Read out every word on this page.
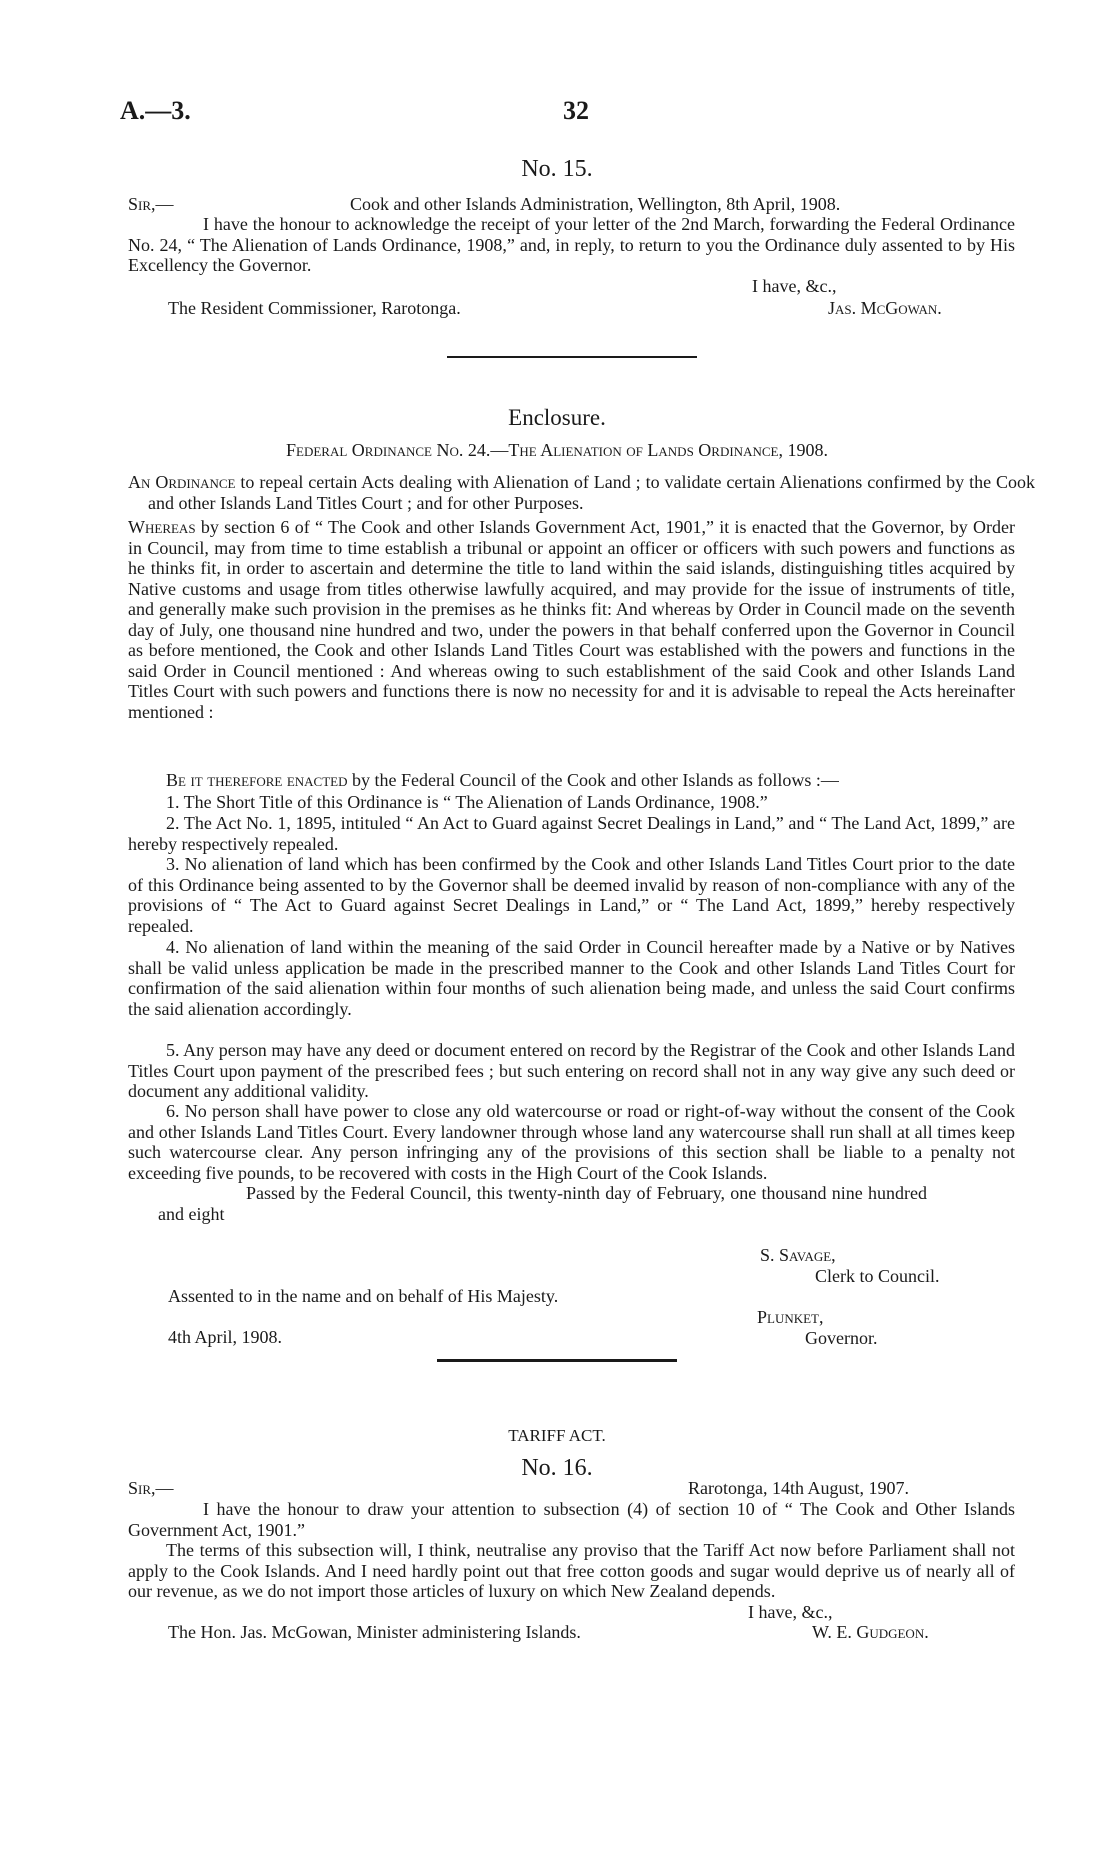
A.—3.	32
No. 15.
Sir,—	Cook and other Islands Administration, Wellington, 8th April, 1908.
I have the honour to acknowledge the receipt of your letter of the 2nd March, forwarding the Federal Ordinance No. 24, “ The Alienation of Lands Ordinance, 1908,” and, in reply, to return to you the Ordinance duly assented to by His Excellency the Governor.
I have, &c.,
The Resident Commissioner, Rarotonga.	Jas. McGowan.
Enclosure.
Federal Ordinance No. 24.—The Alienation of Lands Ordinance, 1908.
An Ordinance to repeal certain Acts dealing with Alienation of Land ; to validate certain Alienations confirmed by the Cook and other Islands Land Titles Court ; and for other Purposes.
Whereas by section 6 of “ The Cook and other Islands Government Act, 1901,” it is enacted that the Governor, by Order in Council, may from time to time establish a tribunal or appoint an officer or officers with such powers and functions as he thinks fit, in order to ascertain and determine the title to land within the said islands, distinguishing titles acquired by Native customs and usage from titles otherwise lawfully acquired, and may provide for the issue of instruments of title, and generally make such provision in the premises as he thinks fit: And whereas by Order in Council made on the seventh day of July, one thousand nine hundred and two, under the powers in that behalf conferred upon the Governor in Council as before mentioned, the Cook and other Islands Land Titles Court was established with the powers and functions in the said Order in Council mentioned : And whereas owing to such establishment of the said Cook and other Islands Land Titles Court with such powers and functions there is now no necessity for and it is advisable to repeal the Acts hereinafter mentioned :
Be it therefore enacted by the Federal Council of the Cook and other Islands as follows :—
1. The Short Title of this Ordinance is “ The Alienation of Lands Ordinance, 1908.”
2. The Act No. 1, 1895, intituled “ An Act to Guard against Secret Dealings in Land,” and “ The Land Act, 1899,” are hereby respectively repealed.
3. No alienation of land which has been confirmed by the Cook and other Islands Land Titles Court prior to the date of this Ordinance being assented to by the Governor shall be deemed invalid by reason of non-compliance with any of the provisions of “ The Act to Guard against Secret Dealings in Land,” or “ The Land Act, 1899,” hereby respectively repealed.
4. No alienation of land within the meaning of the said Order in Council hereafter made by a Native or by Natives shall be valid unless application be made in the prescribed manner to the Cook and other Islands Land Titles Court for confirmation of the said alienation within four months of such alienation being made, and unless the said Court confirms the said alienation accordingly.
5. Any person may have any deed or document entered on record by the Registrar of the Cook and other Islands Land Titles Court upon payment of the prescribed fees ; but such entering on record shall not in any way give any such deed or document any additional validity.
6. No person shall have power to close any old watercourse or road or right-of-way without the consent of the Cook and other Islands Land Titles Court. Every landowner through whose land any watercourse shall run shall at all times keep such watercourse clear. Any person infringing any of the provisions of this section shall be liable to a penalty not exceeding five pounds, to be recovered with costs in the High Court of the Cook Islands.
Passed by the Federal Council, this twenty-ninth day of February, one thousand nine hundred and eight
S. Savage,
Clerk to Council.
Assented to in the name and on behalf of His Majesty.
Plunket,
4th April, 1908.	Governor.
TARIFF ACT.
No. 16.
Sir,—	Rarotonga, 14th August, 1907.
I have the honour to draw your attention to subsection (4) of section 10 of “ The Cook and Other Islands Government Act, 1901.”
The terms of this subsection will, I think, neutralise any proviso that the Tariff Act now before Parliament shall not apply to the Cook Islands. And I need hardly point out that free cotton goods and sugar would deprive us of nearly all of our revenue, as we do not import those articles of luxury on which New Zealand depends.
I have, &c.,
The Hon. Jas. McGowan, Minister administering Islands.	W. E. Gudgeon.
